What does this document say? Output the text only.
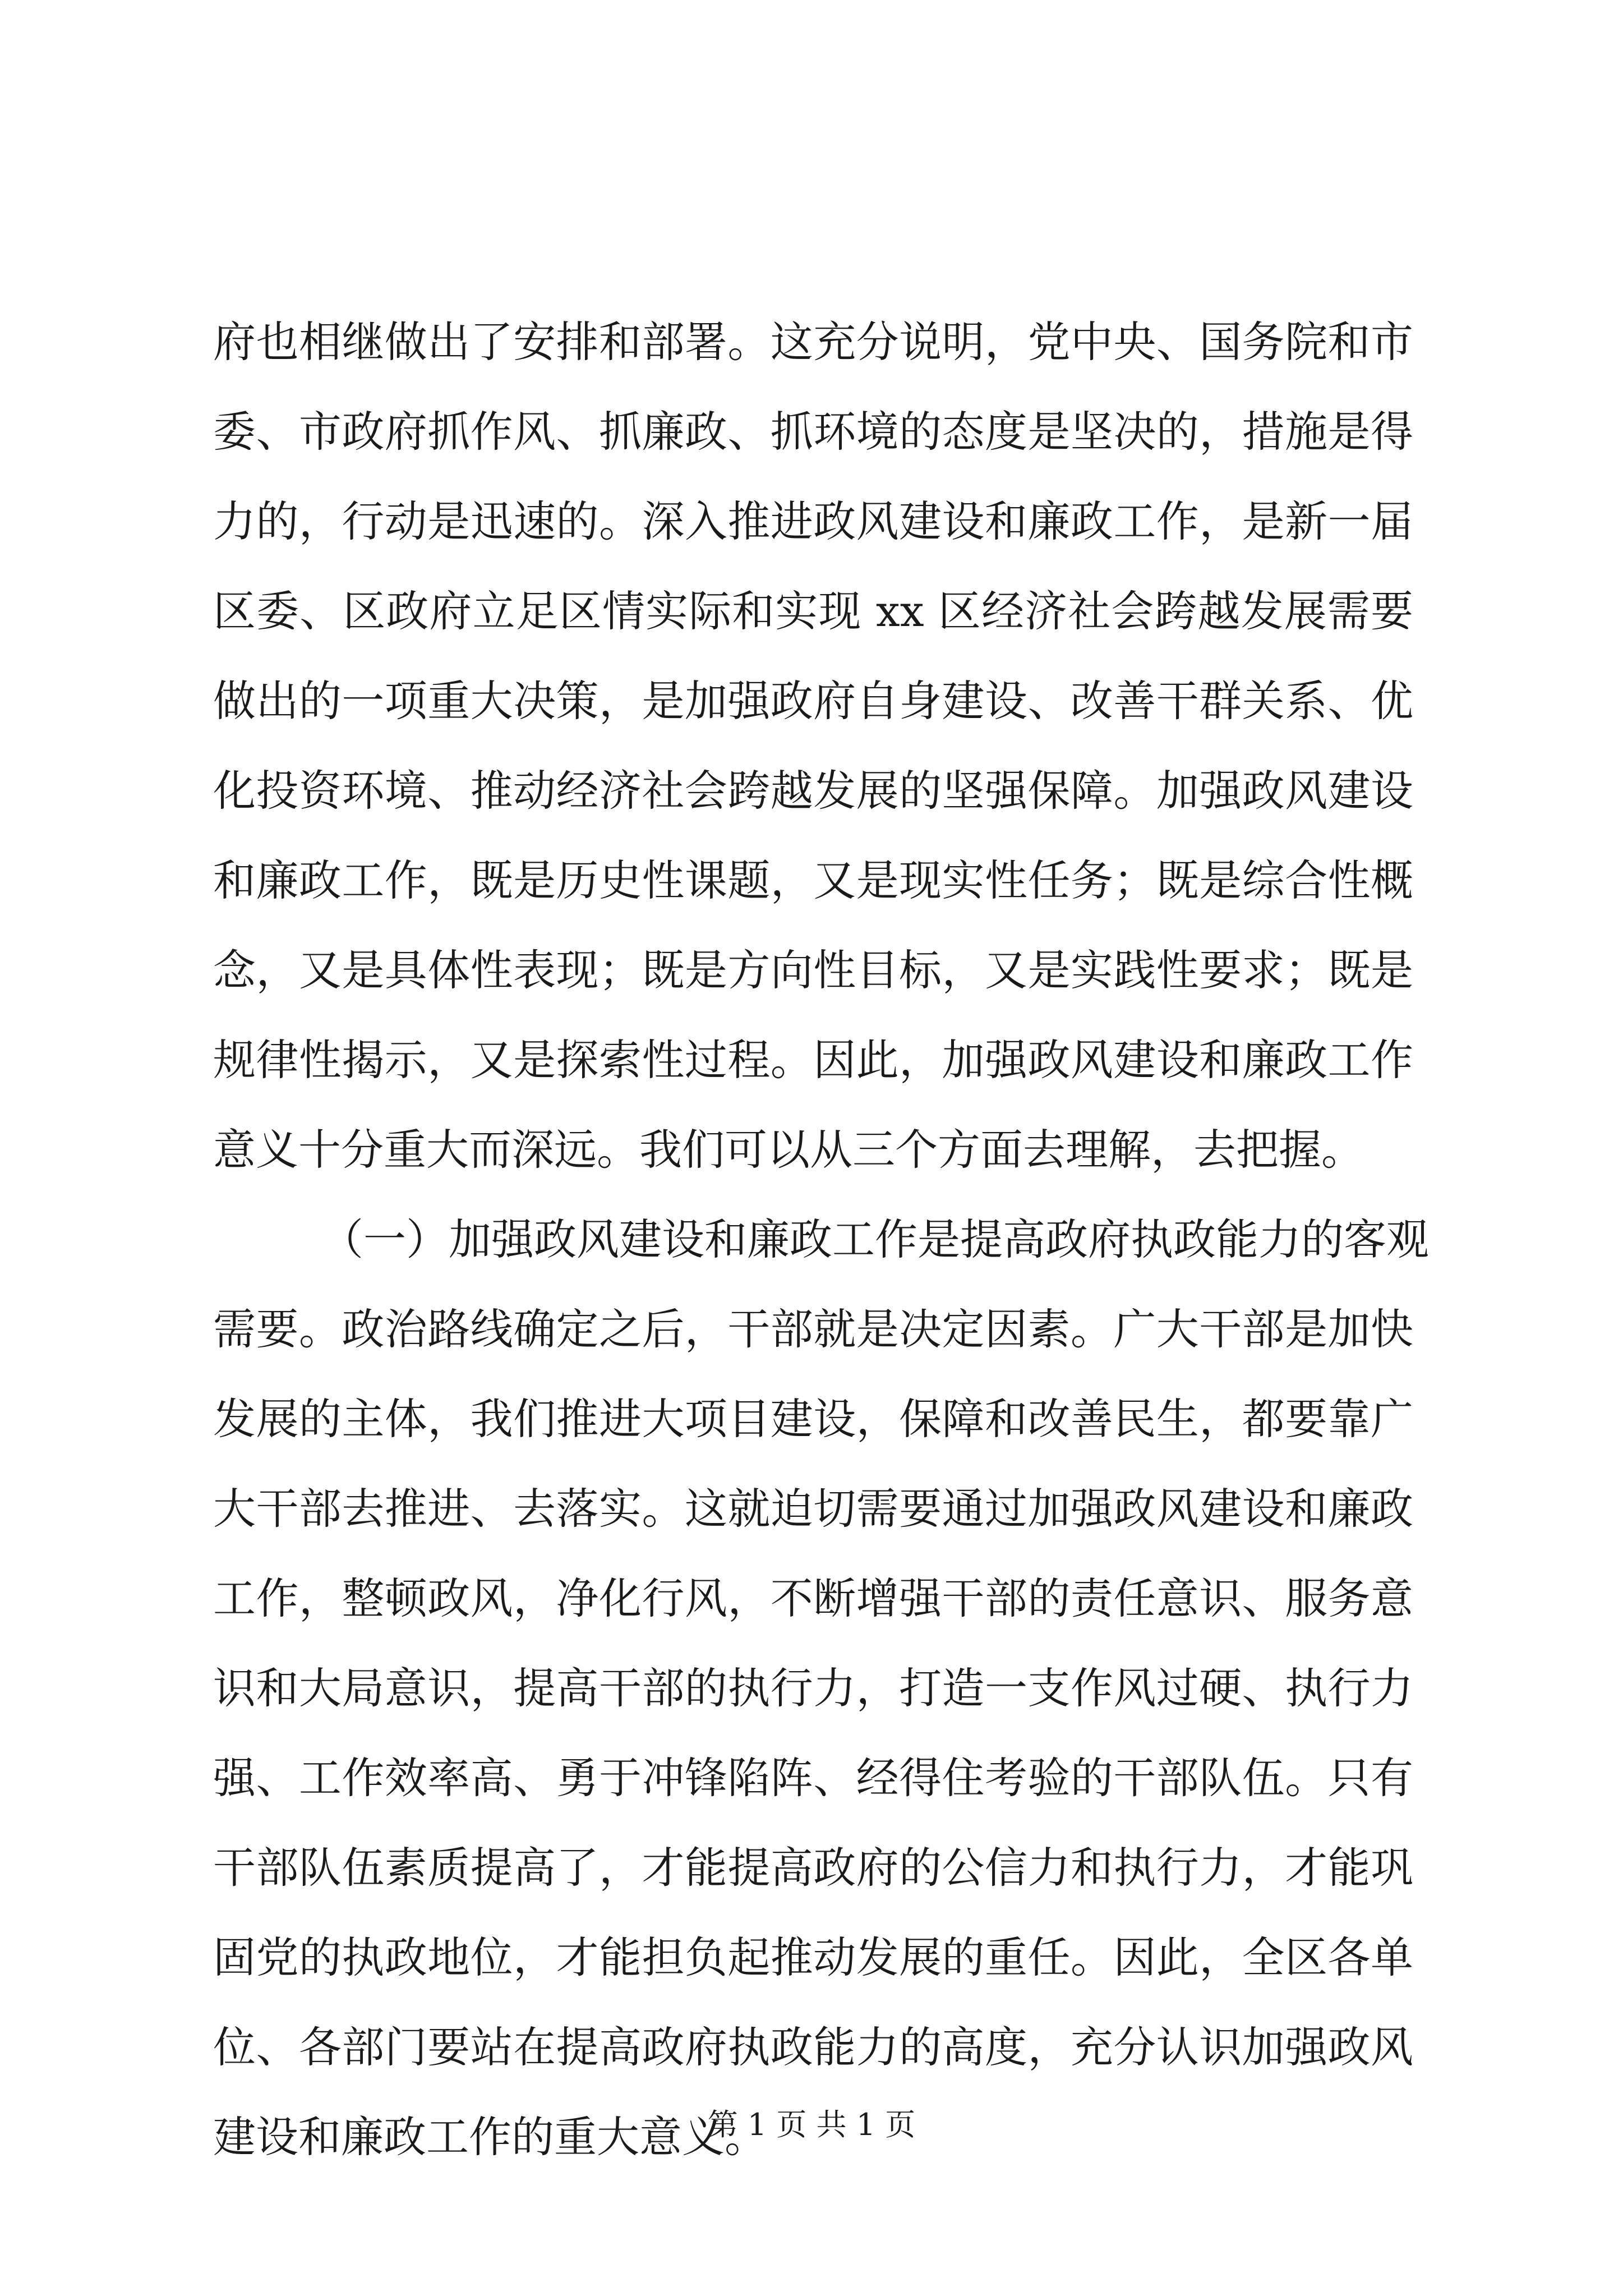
府也相继做出了安排和部署。这充分说明，党中央、国务院和市
委、市政府抓作风、抓廉政、抓环境的态度是坚决的，措施是得
力的，行动是迅速的。深入推进政风建设和廉政工作，是新一届
区委、区政府立足区情实际和实现 xx 区经济社会跨越发展需要
做出的一项重大决策，是加强政府自身建设、改善干群关系、优
化投资环境、推动经济社会跨越发展的坚强保障。加强政风建设
和廉政工作，既是历史性课题，又是现实性任务；既是综合性概
念，又是具体性表现；既是方向性目标，又是实践性要求；既是
规律性揭示，又是探索性过程。因此，加强政风建设和廉政工作
意义十分重大而深远。我们可以从三个方面去理解，去把握。
（一）加强政风建设和廉政工作是提高政府执政能力的客观
需要。政治路线确定之后，干部就是决定因素。广大干部是加快
发展的主体，我们推进大项目建设，保障和改善民生，都要靠广
大干部去推进、去落实。这就迫切需要通过加强政风建设和廉政
工作，整顿政风，净化行风，不断增强干部的责任意识、服务意
识和大局意识，提高干部的执行力，打造一支作风过硬、执行力
强、工作效率高、勇于冲锋陷阵、经得住考验的干部队伍。只有
干部队伍素质提高了，才能提高政府的公信力和执行力，才能巩
固党的执政地位，才能担负起推动发展的重任。因此，全区各单
位、各部门要站在提高政府执政能力的高度，充分认识加强政风
建设和廉政工作的重大意义。
第 1 页 共 1 页
